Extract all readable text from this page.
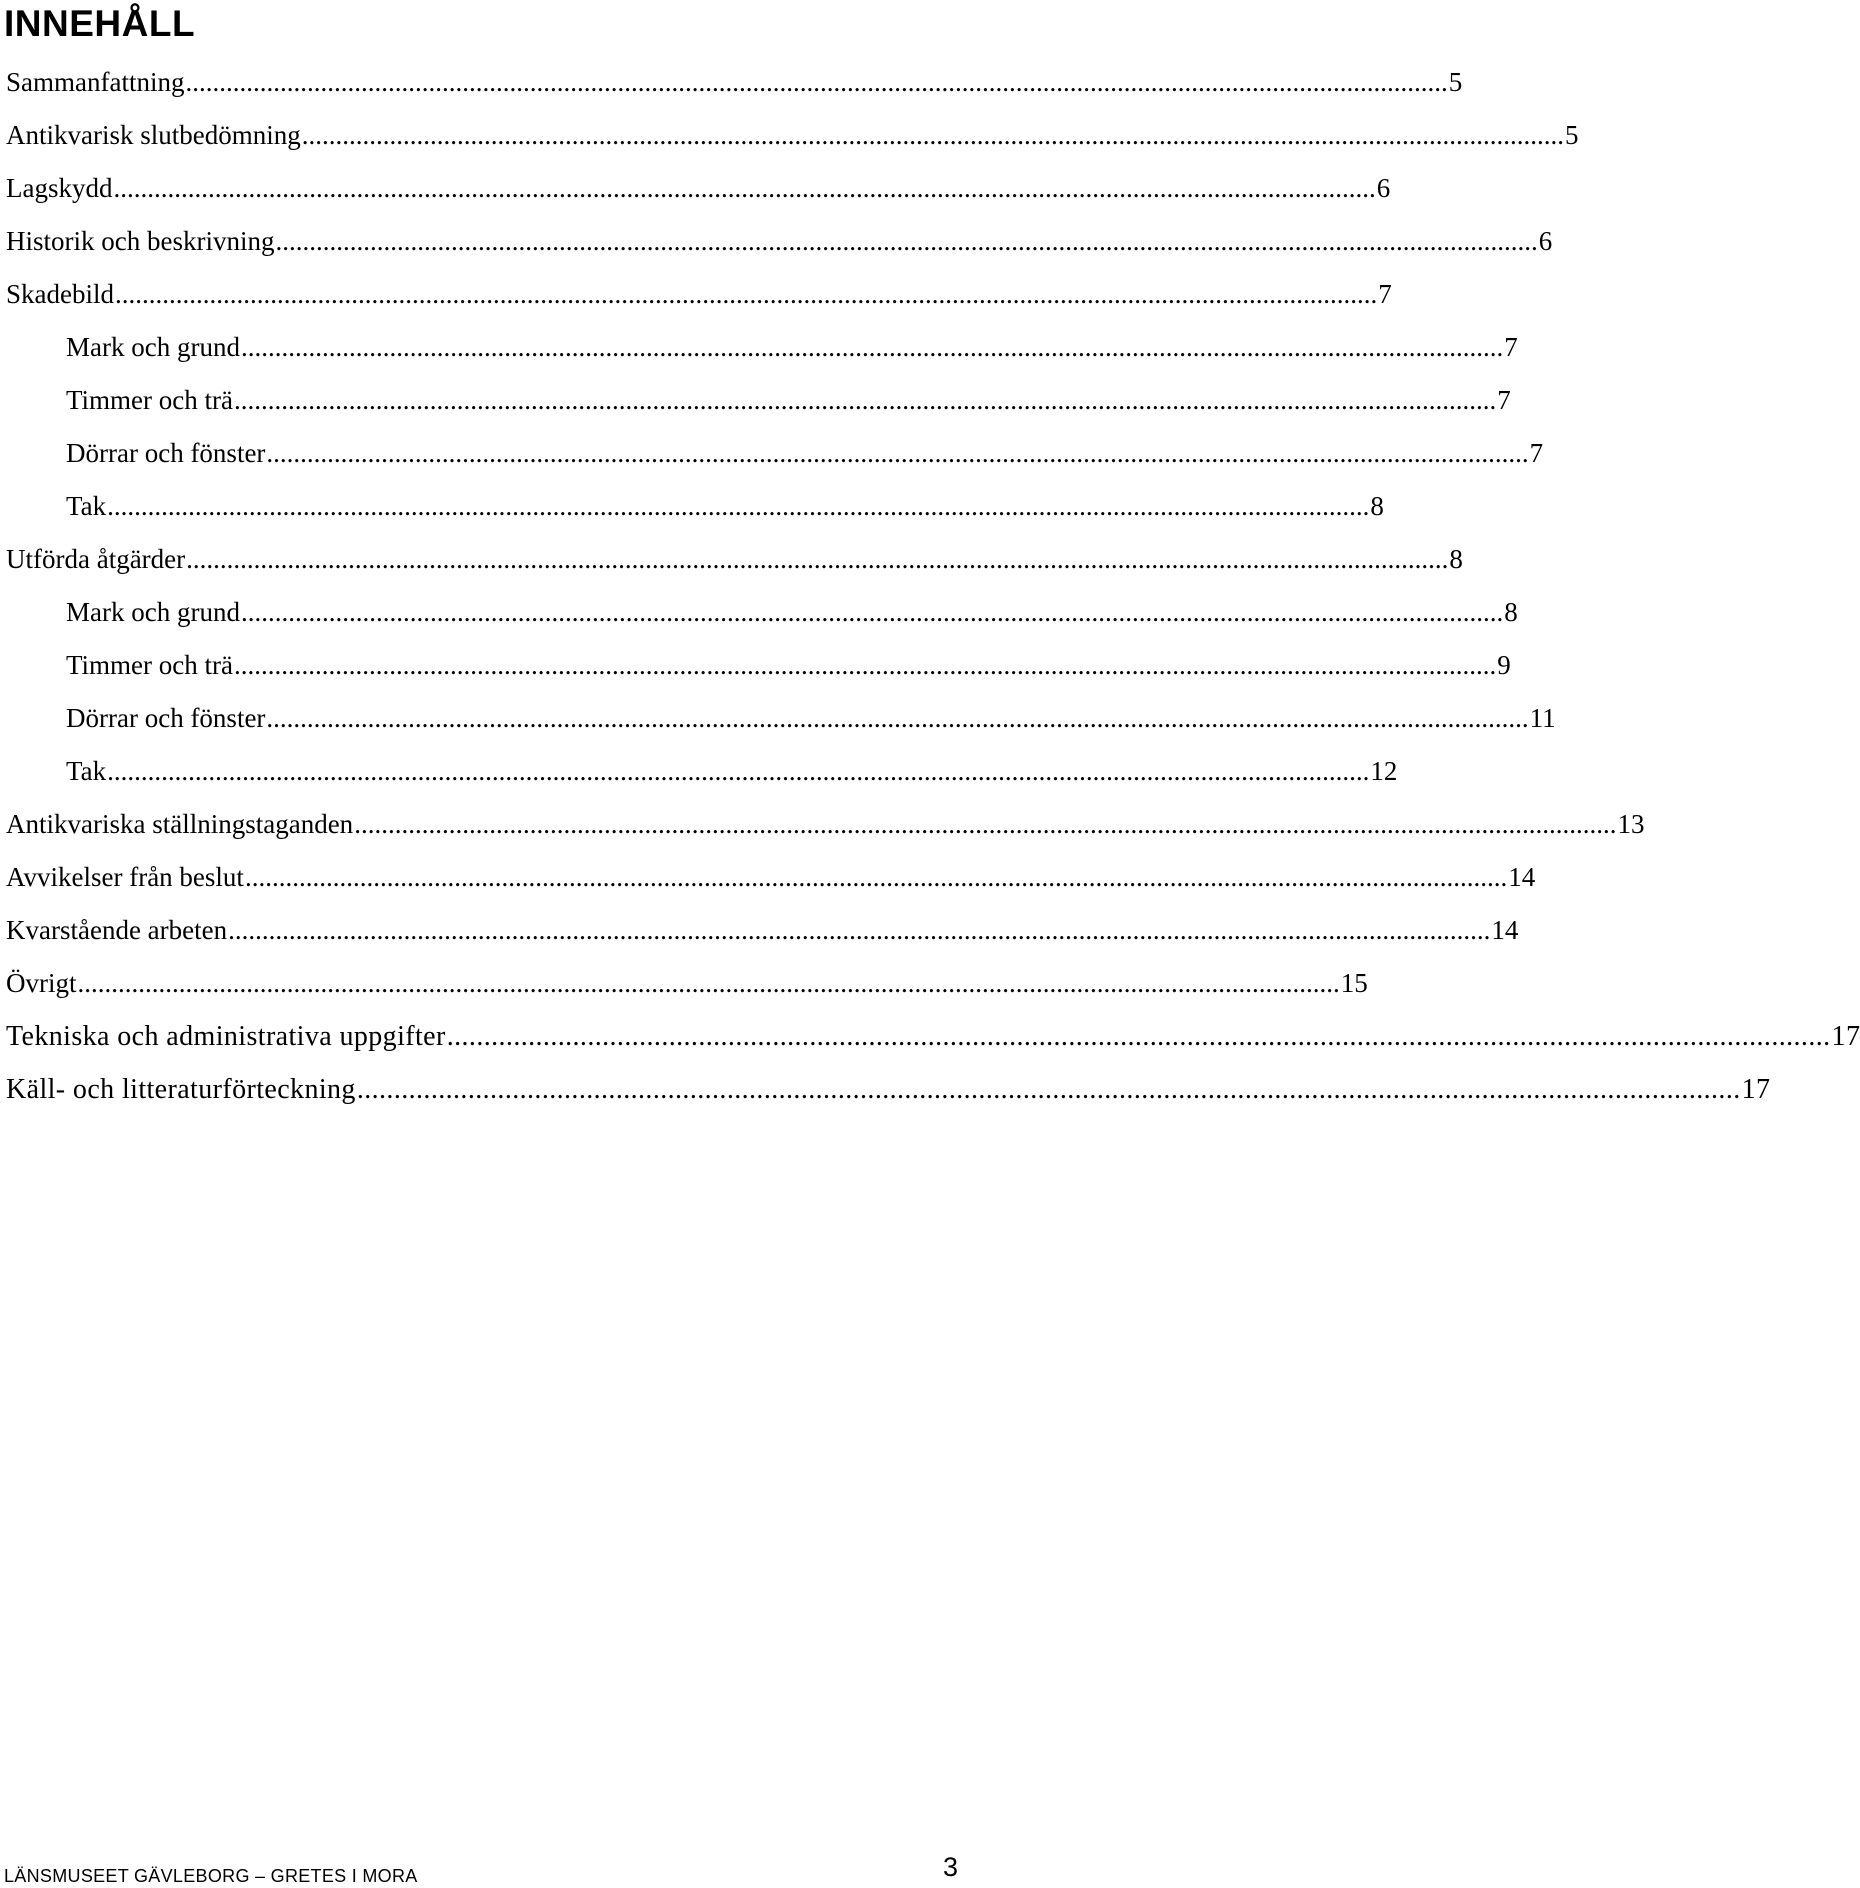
INNEHÅLL
Sammanfattning ........................................................................................................................................................................................... 5
Antikvarisk slutbedömning ........................................................................................................................................................................................... 5
Lagskydd ........................................................................................................................................................................................... 6
Historik och beskrivning ........................................................................................................................................................................................... 6
Skadebild ........................................................................................................................................................................................... 7
Mark och grund ........................................................................................................................................................................................... 7
Timmer och trä ........................................................................................................................................................................................... 7
Dörrar och fönster ........................................................................................................................................................................................... 7
Tak ........................................................................................................................................................................................... 8
Utförda åtgärder ........................................................................................................................................................................................... 8
Mark och grund ........................................................................................................................................................................................... 8
Timmer och trä ........................................................................................................................................................................................... 9
Dörrar och fönster ........................................................................................................................................................................................... 11
Tak ........................................................................................................................................................................................... 12
Antikvariska ställningstaganden ........................................................................................................................................................................................... 13
Avvikelser från beslut ........................................................................................................................................................................................... 14
Kvarstående arbeten ........................................................................................................................................................................................... 14
Övrigt ........................................................................................................................................................................................... 15
Tekniska och administrativa uppgifter ........................................................................................................................................................................................... 17
Käll- och litteraturförteckning ........................................................................................................................................................................................... 17
LÄNSMUSEET GÄVLEBORG – GRETES I MORA	3
